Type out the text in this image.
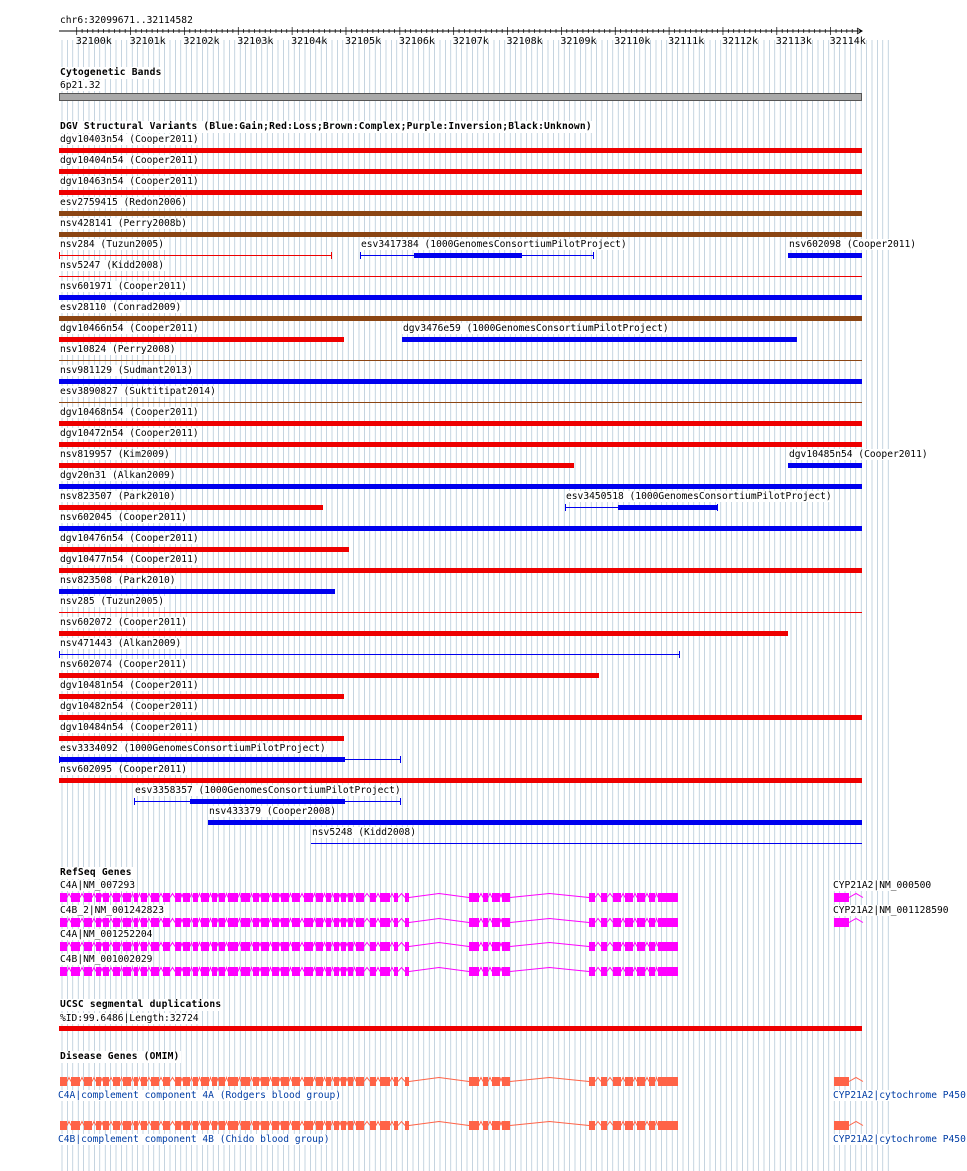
chr6:32099671..32114582
32100k 32101k 32102k 32103k 32104k 32105k 32106k 32107k 32108k 32109k 32110k 32111k 32112k 32113k 32114k
Cytogenetic Bands
6p21.32
DGV Structural Variants (Blue:Gain;Red:Loss;Brown:Complex;Purple:Inversion;Black:Unknown)
dgv10403n54 (Cooper2011)
dgv10404n54 (Cooper2011)
dgv10463n54 (Cooper2011)
esv2759415 (Redon2006)
nsv428141 (Perry2008b)
nsv284 (Tuzun2005)	esv3417384 (1000GenomesConsortiumPilotProject)	nsv602098 (Cooper2011)
nsv5247 (Kidd2008)
nsv601971 (Cooper2011)
esv28110 (Conrad2009)
dgv10466n54 (Cooper2011)	dgv3476e59 (1000GenomesConsortiumPilotProject)
nsv10824 (Perry2008)
nsv981129 (Sudmant2013)
esv3890827 (Suktitipat2014)
dgv10468n54 (Cooper2011)
dgv10472n54 (Cooper2011)
nsv819957 (Kim2009)	dgv10485n54 (Cooper2011)
dgv20n31 (Alkan2009)
nsv823507 (Park2010)	esv3450518 (1000GenomesConsortiumPilotProject)
nsv602045 (Cooper2011)
dgv10476n54 (Cooper2011)
dgv10477n54 (Cooper2011)
nsv823508 (Park2010)
nsv285 (Tuzun2005)
nsv602072 (Cooper2011)
nsv471443 (Alkan2009)
nsv602074 (Cooper2011)
dgv10481n54 (Cooper2011)
dgv10482n54 (Cooper2011)
dgv10484n54 (Cooper2011)
esv3334092 (1000GenomesConsortiumPilotProject)
nsv602095 (Cooper2011)
esv3358357 (1000GenomesConsortiumPilotProject)
nsv433379 (Cooper2008)
nsv5248 (Kidd2008)
RefSeq Genes
C4A|NM_007293
C4B_2|NM_001242823
C4A|NM_001252204
C4B|NM_001002029
CYP21A2|NM_000500
CYP21A2|NM_001128590
UCSC segmental duplications
%ID:99.6486|Length:32724
Disease Genes (OMIM)
C4A|complement component 4A (Rodgers blood group)
C4B|complement component 4B (Chido blood group)
CYP21A2|cytochrome P450
CYP21A2|cytochrome P450
